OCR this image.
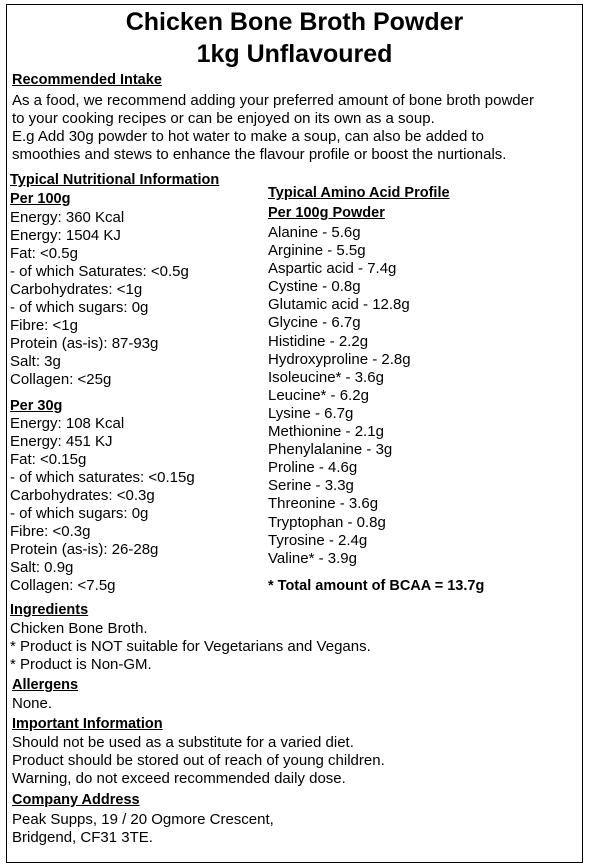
Chicken Bone Broth Powder
1kg Unflavoured
Recommended Intake
As a food, we recommend adding your preferred amount of bone broth powder
to your cooking recipes or can be enjoyed on its own as a soup.
E.g Add 30g powder to hot water to make a soup, can also be added to
smoothies and stews to enhance the flavour profile or boost the nurtionals.
Typical Nutritional Information
Per 100g
Energy: 360 Kcal
Energy: 1504 KJ
Fat: <0.5g
- of which Saturates: <0.5g
Carbohydrates: <1g
- of which sugars: 0g
Fibre: <1g
Protein (as-is): 87-93g
Salt: 3g
Collagen: <25g
Per 30g
Energy: 108 Kcal
Energy: 451 KJ
Fat: <0.15g
- of which saturates: <0.15g
Carbohydrates: <0.3g
- of which sugars: 0g
Fibre: <0.3g
Protein (as-is): 26-28g
Salt: 0.9g
Collagen: <7.5g
Typical Amino Acid Profile
Per 100g Powder
Alanine - 5.6g
Arginine - 5.5g
Aspartic acid - 7.4g
Cystine - 0.8g
Glutamic acid - 12.8g
Glycine - 6.7g
Histidine - 2.2g
Hydroxyproline - 2.8g
Isoleucine* - 3.6g
Leucine* - 6.2g
Lysine - 6.7g
Methionine - 2.1g
Phenylalanine - 3g
Proline - 4.6g
Serine - 3.3g
Threonine - 3.6g
Tryptophan - 0.8g
Tyrosine - 2.4g
Valine* - 3.9g
* Total amount of BCAA = 13.7g
Ingredients
Chicken Bone Broth.
* Product is NOT suitable for Vegetarians and Vegans.
* Product is Non-GM.
Allergens
None.
Important Information
Should not be used as a substitute for a varied diet.
Product should be stored out of reach of young children.
Warning, do not exceed recommended daily dose.
Company Address
Peak Supps, 19 / 20 Ogmore Crescent,
Bridgend, CF31 3TE.
